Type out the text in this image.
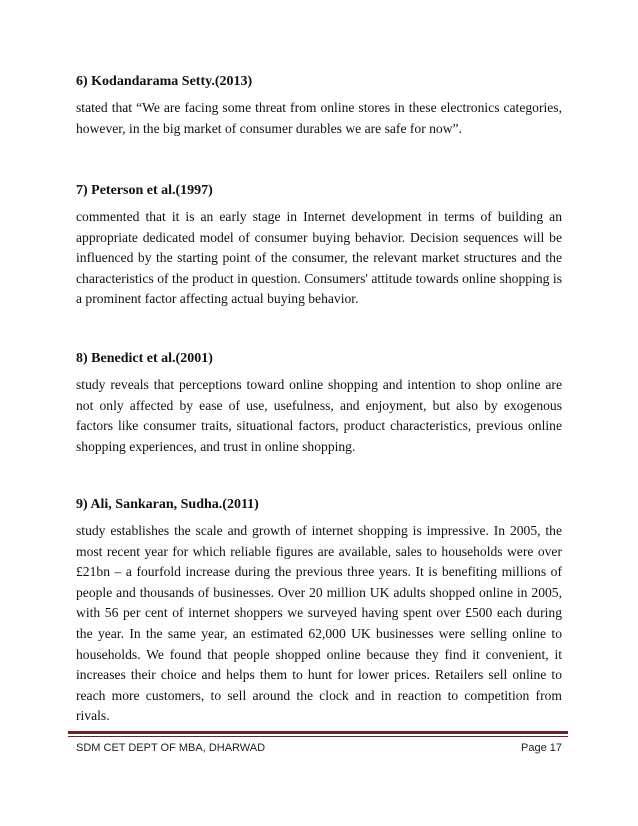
6) Kodandarama Setty.(2013)

stated that “We are facing some threat from online stores in these electronics categories, however, in the big market of consumer durables we are safe for now”.

7) Peterson et al.(1997)

commented that it is an early stage in Internet development in terms of building an appropriate dedicated model of consumer buying behavior. Decision sequences will be influenced by the starting point of the consumer, the relevant market structures and the characteristics of the product in question. Consumers' attitude towards online shopping is a prominent factor affecting actual buying behavior.

8) Benedict et al.(2001)

study reveals that perceptions toward online shopping and intention to shop online are not only affected by ease of use, usefulness, and enjoyment, but also by exogenous factors like consumer traits, situational factors, product characteristics, previous online shopping experiences, and trust in online shopping.

9) Ali, Sankaran, Sudha.(2011)

study establishes the scale and growth of internet shopping is impressive. In 2005, the most recent year for which reliable figures are available, sales to households were over £21bn – a fourfold increase during the previous three years. It is benefiting millions of people and thousands of businesses. Over 20 million UK adults shopped online in 2005, with 56 per cent of internet shoppers we surveyed having spent over £500 each during the year. In the same year, an estimated 62,000 UK businesses were selling online to households. We found that people shopped online because they find it convenient, it increases their choice and helps them to hunt for lower prices. Retailers sell online to reach more customers, to sell around the clock and in reaction to competition from rivals.

SDM CET DEPT OF MBA, DHARWAD	Page 17
